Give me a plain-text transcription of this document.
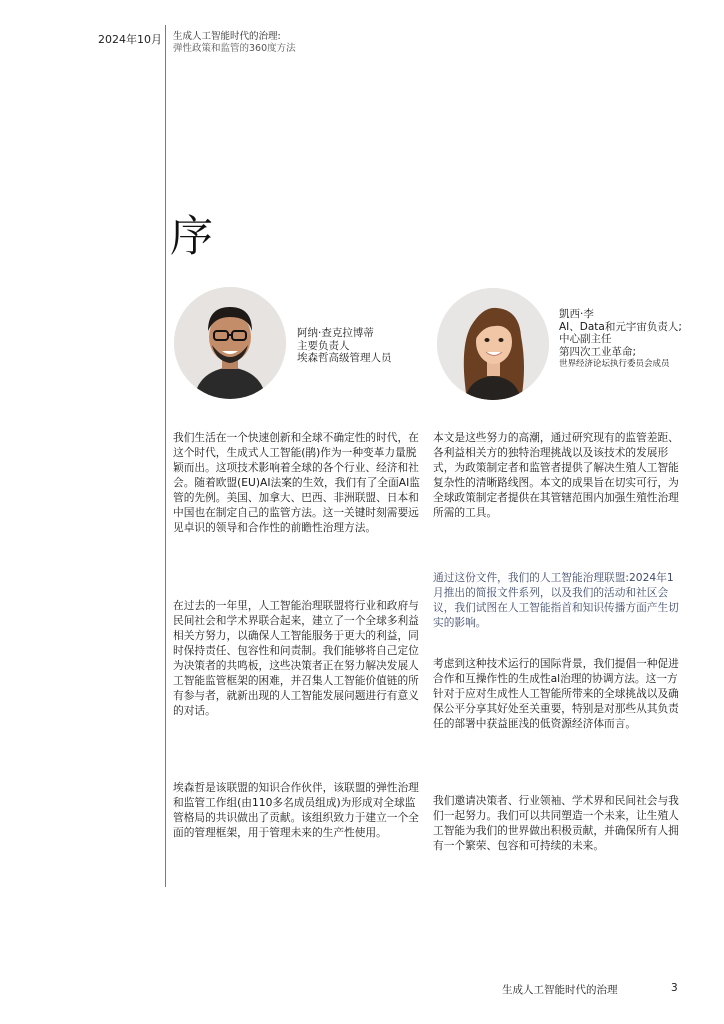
2024年10月 生成人工智能时代的治理:
弹性政策和监管的360度方法
序
阿纳·查克拉博蒂
主要负责人
埃森哲高级管理人员
凱西·李
AI、Data和元宇宙负责人;
中心副主任
第四次工业革命;
世界经济论坛执行委员会成员
我们生活在一个快速创新和全球不确定性的时代，在这个时代，生成式人工智能(鹃)作为一种变革力量脱颖而出。这项技术影响着全球的各个行业、经济和社会。随着欧盟(EU)AI法案的生效，我们有了全面AI监管的先例。美国、加拿大、巴西、非洲联盟、日本和中国也在制定自己的监管方法。这一关键时刻需要远见卓识的领导和合作性的前瞻性治理方法。
在过去的一年里，人工智能治理联盟将行业和政府与民间社会和学术界联合起来，建立了一个全球多利益相关方努力，以确保人工智能服务于更大的利益，同时保持责任、包容性和问责制。我们能够将自己定位为决策者的共鸣板，这些决策者正在努力解决发展人工智能监管框架的困难，并召集人工智能价值链的所有参与者，就新出现的人工智能发展问题进行有意义的对话。
埃森哲是该联盟的知识合作伙伴，该联盟的弹性治理和监管工作组(由110多名成员组成)为形成对全球监管格局的共识做出了贡献。该组织致力于建立一个全面的管理框架，用于管理未来的生产性使用。
本文是这些努力的高潮，通过研究现有的监管差距、各利益相关方的独特治理挑战以及该技术的发展形式，为政策制定者和监管者提供了解决生殖人工智能复杂性的清晰路线图。本文的成果旨在切实可行，为全球政策制定者提供在其管辖范围内加强生殖性治理所需的工具。
通过这份文件，我们的人工智能治理联盟:2024年1月推出的简报文件系列，以及我们的活动和社区会议，我们试图在人工智能指首和知识传播方面产生切实的影响。
考虑到这种技术运行的国际背景，我们提倡一种促进合作和互操作性的生成性al治理的协调方法。这一方针对于应对生成性人工智能所带来的全球挑战以及确保公平分享其好处至关重要，特别是对那些从其负责任的部署中获益匪浅的低资源经济体而言。
我们邀请决策者、行业领袖、学术界和民间社会与我们一起努力。我们可以共同塑造一个未来，让生殖人工智能为我们的世界做出积极贡献，并确保所有人拥有一个繁荣、包容和可持续的未来。
生成人工智能时代的治理	3
